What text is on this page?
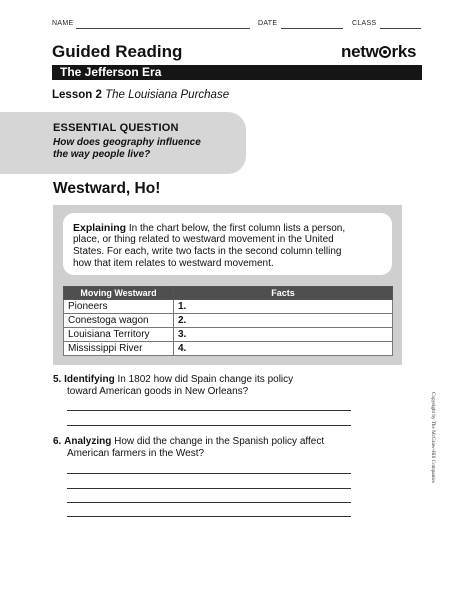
NAME	DATE	CLASS
Guided Reading	netw rks
The Jefferson Era
Lesson 2 The Louisiana Purchase
ESSENTIAL QUESTION
How does geography influence
the way people live?
Westward, Ho!
Explaining In the chart below, the first column lists a person,
place, or thing related to westward movement in the United
States. For each, write two facts in the second column telling
how that item relates to westward movement.
Moving Westward	Facts
Pioneers	1.
Conestoga wagon	2.
Louisiana Territory	3.
Mississippi River	4.
5. Identifying In 1802 how did Spain change its policy
toward American goods in New Orleans?
6. Analyzing How did the change in the Spanish policy affect
American farmers in the West?	Copyright by The McGraw-Hill Companies
